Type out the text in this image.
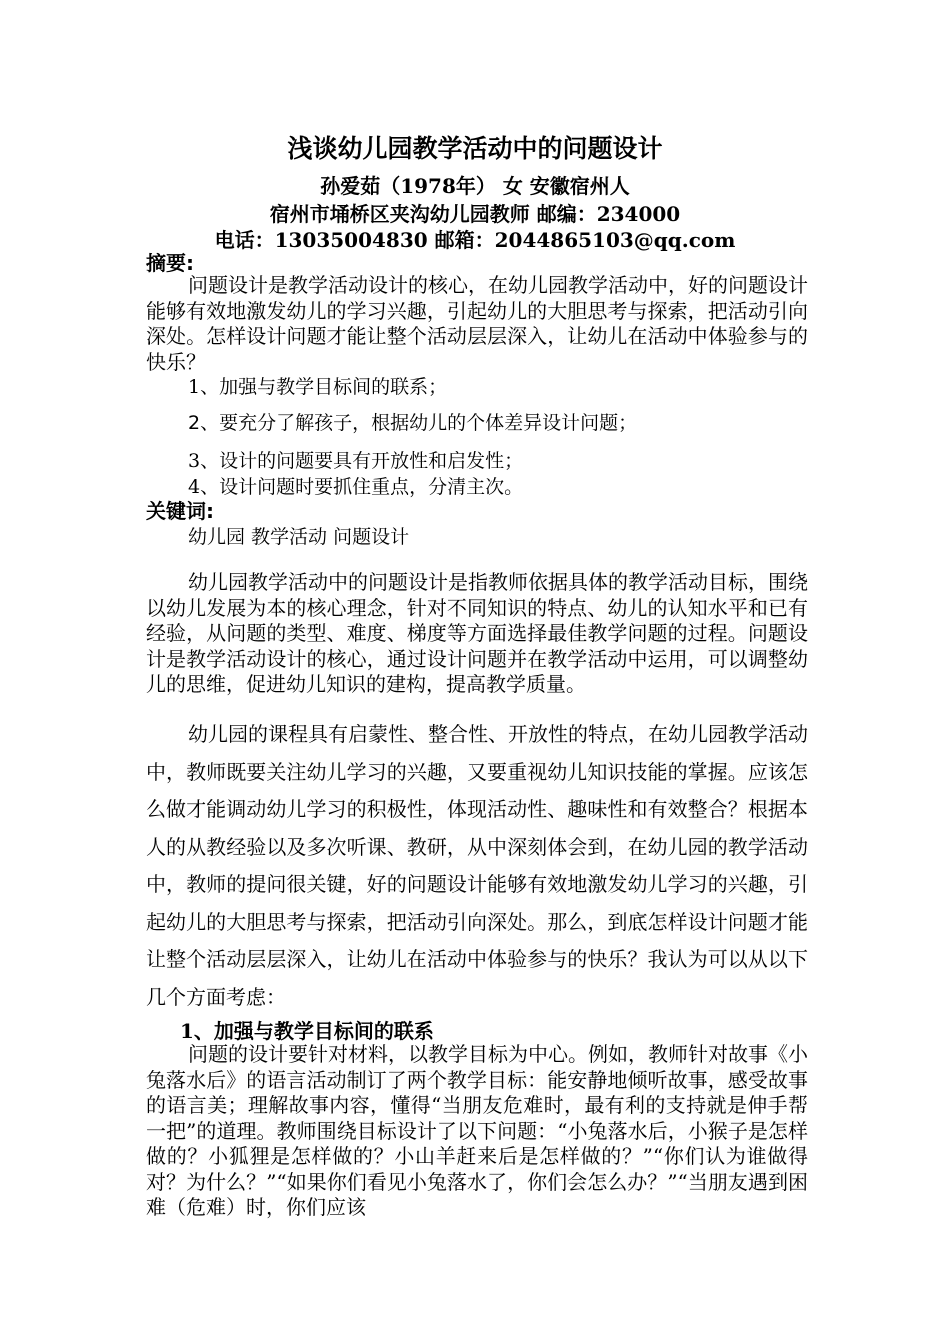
浅谈幼儿园教学活动中的问题设计
孙爱茹（1978年） 女 安徽宿州人
宿州市埇桥区夹沟幼儿园教师 邮编：234000
电话：13035004830 邮箱：2044865103@qq.com
摘要:

问题设计是教学活动设计的核心，在幼儿园教学活动中，好的问题设计能够有效地激发幼儿的学习兴趣，引起幼儿的大胆思考与探索，把活动引向深处。怎样设计问题才能让整个活动层层深入，让幼儿在活动中体验参与的快乐？

1、加强与教学目标间的联系；
2、要充分了解孩子，根据幼儿的个体差异设计问题；
3、设计的问题要具有开放性和启发性；
4、设计问题时要抓住重点，分清主次。
关键词:
幼儿园 教学活动 问题设计

幼儿园教学活动中的问题设计是指教师依据具体的教学活动目标，围绕以幼儿发展为本的核心理念，针对不同知识的特点、幼儿的认知水平和已有经验，从问题的类型、难度、梯度等方面选择最佳教学问题的过程。问题设计是教学活动设计的核心，通过设计问题并在教学活动中运用，可以调整幼儿的思维，促进幼儿知识的建构，提高教学质量。

幼儿园的课程具有启蒙性、整合性、开放性的特点，在幼儿园教学活动中，教师既要关注幼儿学习的兴趣，又要重视幼儿知识技能的掌握。应该怎么做才能调动幼儿学习的积极性，体现活动性、趣味性和有效整合？根据本人的从教经验以及多次听课、教研，从中深刻体会到，在幼儿园的教学活动中，教师的提问很关键，好的问题设计能够有效地激发幼儿学习的兴趣，引起幼儿的大胆思考与探索，把活动引向深处。那么，到底怎样设计问题才能让整个活动层层深入，让幼儿在活动中体验参与的快乐？我认为可以从以下几个方面考虑：

1、加强与教学目标间的联系

问题的设计要针对材料，以教学目标为中心。例如，教师针对故事《小兔落水后》的语言活动制订了两个教学目标：能安静地倾听故事，感受故事的语言美；理解故事内容，懂得“当朋友危难时，最有利的支持就是伸手帮一把”的道理。教师围绕目标设计了以下问题：“小兔落水后，小猴子是怎样做的？小狐狸是怎样做的？小山羊赶来后是怎样做的？”“你们认为谁做得对？为什么？”“如果你们看见小兔落水了，你们会怎么办？”“当朋友遇到困难（危难）时，你们应该
